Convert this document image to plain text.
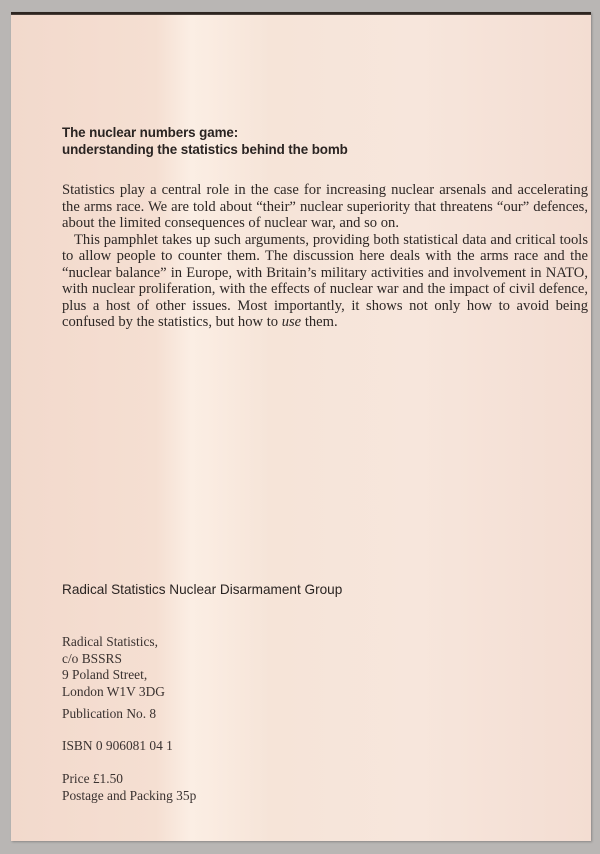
The nuclear numbers game:
understanding the statistics behind the bomb

Statistics play a central role in the case for increasing nuclear arsenals and accelerating the arms race. We are told about “their” nuclear superiority that threatens “our” defences, about the limited consequences of nuclear war, and so on.

This pamphlet takes up such arguments, providing both statistical data and critical tools to allow people to counter them. The discussion here deals with the arms race and the “nuclear balance” in Europe, with Britain’s military activities and involvement in NATO, with nuclear proliferation, with the effects of nuclear war and the impact of civil defence, plus a host of other issues. Most importantly, it shows not only how to avoid being confused by the statistics, but how to use them.

Radical Statistics Nuclear Disarmament Group
Radical Statistics,
c/o BSSRS
9 Poland Street,
London W1V 3DG
Publication No. 8
ISBN 0 906081 04 1
Price £1.50
Postage and Packing 35p
